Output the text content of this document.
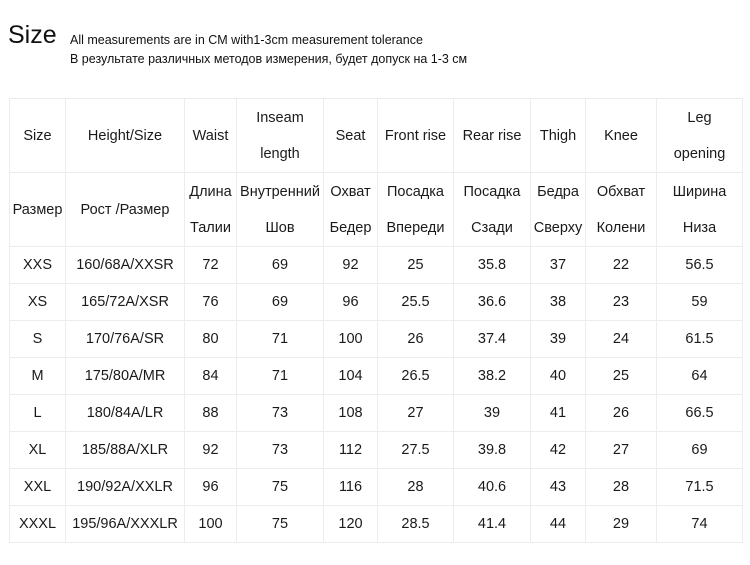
Size All measurements are in CM with1-3cm measurement tolerance
В результате различных методов измерения, будет допуск на 1-3 см
Size	Height/Size	Waist	Inseam length	Seat	Front rise	Rear rise	Thigh	Knee	Leg opening

Размер	Рост /Размер	Длина Талии	Внутренний Шов	Охват Бедер	Посадка Впереди	Посадка Сзади	Бедра Сверху	Обхват Колени	Ширина Низа

XXS	160/68A/XXSR	72	69	92	25	35.8	37	22	56.5
XS	165/72A/XSR	76	69	96	25.5	36.6	38	23	59
S	170/76A/SR	80	71	100	26	37.4	39	24	61.5
M	175/80A/MR	84	71	104	26.5	38.2	40	25	64
L	180/84A/LR	88	73	108	27	39	41	26	66.5
XL	185/88A/XLR	92	73	112	27.5	39.8	42	27	69
XXL	190/92A/XXLR	96	75	116	28	40.6	43	28	71.5
XXXL	195/96A/XXXLR	100	75	120	28.5	41.4	44	29	74
